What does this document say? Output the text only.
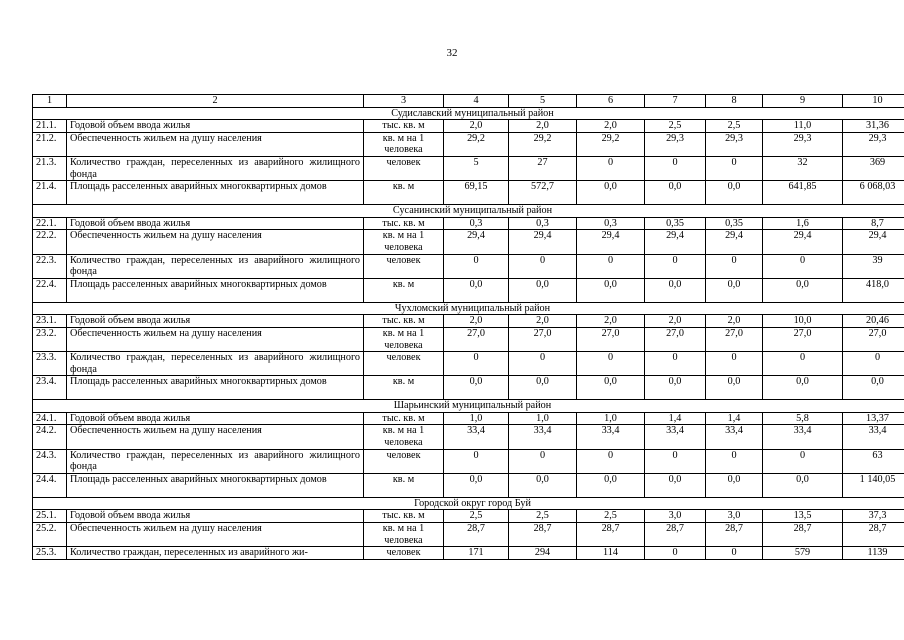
32
1	2	3	4	5	6	7	8	9	10
Судиславский муниципальный район									
21.1.	Годовой объем ввода жилья	тыс. кв. м	2,0	2,0	2,0	2,5	2,5	11,0	31,36
21.2.	Обеспеченность жильем на душу населения	кв. м на 1 человека	29,2	29,2	29,2	29,3	29,3	29,3	29,3
21.3.	Количество граждан, переселенных из аварийного жилищного фонда	человек	5	27	0	0	0	32	369
21.4.	Площадь расселенных аварийных многоквартирных домов	кв. м	69,15	572,7	0,0	0,0	0,0	641,85	6 068,03
Сусанинский муниципальный район									
22.1.	Годовой объем ввода жилья	тыс. кв. м	0,3	0,3	0,3	0,35	0,35	1,6	8,7
22.2.	Обеспеченность жильем на душу населения	кв. м на 1 человека	29,4	29,4	29,4	29,4	29,4	29,4	29,4
22.3.	Количество граждан, переселенных из аварийного жилищного фонда	человек	0	0	0	0	0	0	39
22.4.	Площадь расселенных аварийных многоквартирных домов	кв. м	0,0	0,0	0,0	0,0	0,0	0,0	418,0
Чухломский муниципальный район									
23.1.	Годовой объем ввода жилья	тыс. кв. м	2,0	2,0	2,0	2,0	2,0	10,0	20,46
23.2.	Обеспеченность жильем на душу населения	кв. м на 1 человека	27,0	27,0	27,0	27,0	27,0	27,0	27,0
23.3.	Количество граждан, переселенных из аварийного жилищного фонда	человек	0	0	0	0	0	0	0
23.4.	Площадь расселенных аварийных многоквартирных домов	кв. м	0,0	0,0	0,0	0,0	0,0	0,0	0,0
Шарьинский муниципальный район									
24.1.	Годовой объем ввода жилья	тыс. кв. м	1,0	1,0	1,0	1,4	1,4	5,8	13,37
24.2.	Обеспеченность жильем на душу населения	кв. м на 1 человека	33,4	33,4	33,4	33,4	33,4	33,4	33,4
24.3.	Количество граждан, переселенных из аварийного жилищного фонда	человек	0	0	0	0	0	0	63
24.4.	Площадь расселенных аварийных многоквартирных домов	кв. м	0,0	0,0	0,0	0,0	0,0	0,0	1 140,05
Городской округ город Буй									
25.1.	Годовой объем ввода жилья	тыс. кв. м	2,5	2,5	2,5	3,0	3,0	13,5	37,3
25.2.	Обеспеченность жильем на душу населения	кв. м на 1 человека	28,7	28,7	28,7	28,7	28,7	28,7	28,7
25.3.	Количество граждан, переселенных из аварийного жи-	человек	171	294	114	0	0	579	1139
